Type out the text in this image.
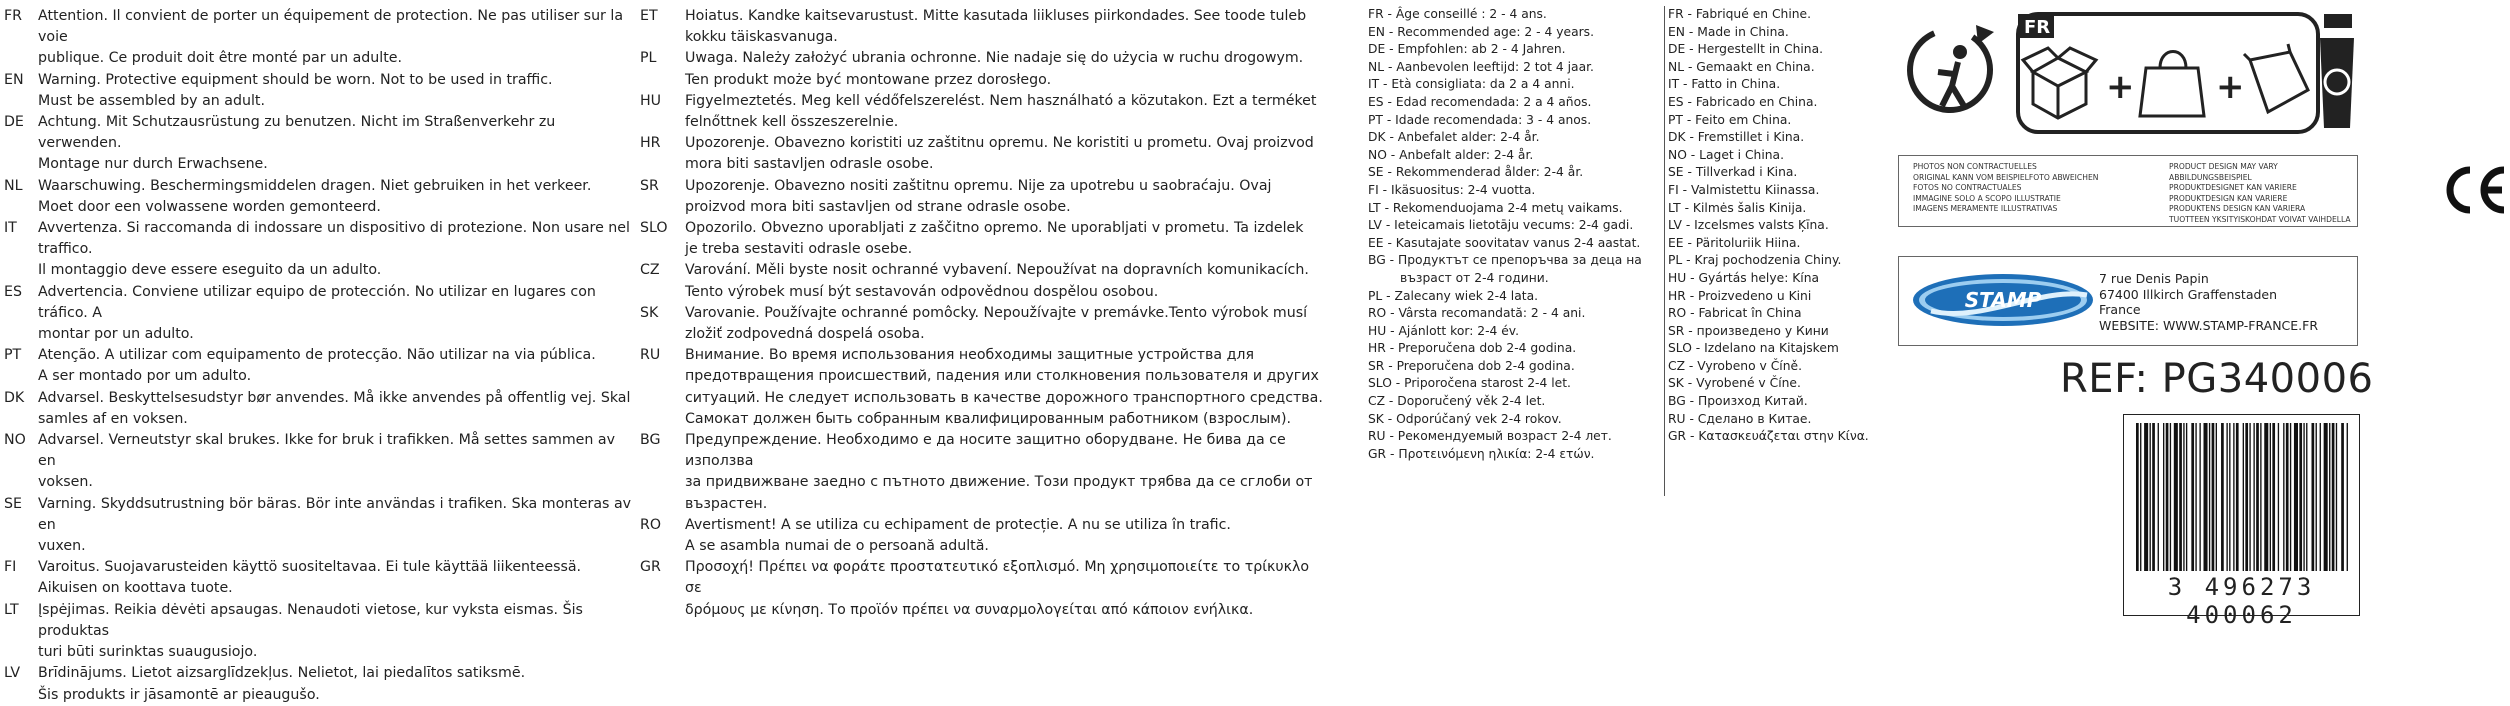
FR	Attention. Il convient de porter un équipement de protection. Ne pas utiliser sur la voie
publique. Ce produit doit être monté par un adulte.
EN	Warning. Protective equipment should be worn. Not to be used in traffic.
Must be assembled by an adult.
DE Achtung. Mit Schutzausrüstung zu benutzen. Nicht im Straßenverkehr zu verwenden.
Montage nur durch Erwachsene.
NL	Waarschuwing. Beschermingsmiddelen dragen. Niet gebruiken in het verkeer.
Moet door een volwassene worden gemonteerd.
IT	Avvertenza. Si raccomanda di indossare un dispositivo di protezione. Non usare nel traffico.
Il montaggio deve essere eseguito da un adulto.
ES	Advertencia. Conviene utilizar equipo de protección. No utilizar en lugares con tráfico. A
montar por un adulto.
PT	Atenção. A utilizar com equipamento de protecção. Não utilizar na via pública.
A ser montado por um adulto.
DK Advarsel. Beskyttelsesudstyr bør anvendes. Må ikke anvendes på offentlig vej. Skal
samles af en voksen.
NO Advarsel. Verneutstyr skal brukes. Ikke for bruk i trafikken. Må settes sammen av en
voksen.
SE	Varning. Skyddsutrustning bör bäras. Bör inte användas i trafiken. Ska monteras av en
vuxen.
FI	Varoitus. Suojavarusteiden käyttö suositeltavaa. Ei tule käyttää liikenteessä.
Aikuisen on koottava tuote.
LT	Įspėjimas. Reikia dėvėti apsaugas. Nenaudoti vietose, kur vyksta eismas. Šis produktas
turi būti surinktas suaugusiojo.
LV	Brīdinājums. Lietot aizsarglīdzekļus. Nelietot, lai piedalītos satiksmē.
Šis produkts ir jāsamontē ar pieaugušo.
ET	Hoiatus. Kandke kaitsevarustust. Mitte kasutada liikluses piirkondades. See toode tuleb
kokku täiskasvanuga.
PL	Uwaga. Należy założyć ubrania ochronne. Nie nadaje się do użycia w ruchu drogowym.
Ten produkt może być montowane przez dorosłego.
HU	Figyelmeztetés. Meg kell védőfelszerelést. Nem használható a közutakon. Ezt a terméket
felnőttnek kell összeszerelnie.
HR	Upozorenje. Obavezno koristiti uz zaštitnu opremu. Ne koristiti u prometu. Ovaj proizvod
mora biti sastavljen odrasle osobe.
SR	Upozorenje. Obavezno nositi zaštitnu opremu. Nije za upotrebu u saobraćaju. Ovaj
proizvod mora biti sastavljen od strane odrasle osobe.
SLO	Opozorilo. Obvezno uporabljati z zaščitno opremo. Ne uporabljati v prometu. Ta izdelek
je treba sestaviti odrasle osebe.
CZ	Varování. Měli byste nosit ochranné vybavení. Nepoužívat na dopravních komunikacích.
Tento výrobek musí být sestavován odpovědnou dospělou osobou.
SK	Varovanie. Používajte ochranné pomôcky. Nepoužívajte v premávke.Tento výrobok musí
zložiť zodpovedná dospelá osoba.
RU	Внимание. Во время использования необходимы защитные устройства для
предотвращения происшествий, падения или столкновения пользователя и других
ситуаций. Не следует использовать в качестве дорожного транспортного средства.
Самокат должен быть собранным квалифицированным работником (взрослым).
BG	Предупреждение. Необходимо е да носите защитно оборудване. Не бива да се използва
за придвижване заедно с пътното движение. Този продукт трябва да се сглоби от възрастен.
RO	Avertisment! A se utiliza cu echipament de protecție. A nu se utiliza în trafic.
A se asambla numai de o persoană adultă.
GR	Προσοχή! Πρέπει να φοράτε προστατευτικό εξοπλισμό. Μη χρησιμοποιείτε το τρίκυκλο σε
δρόμους με κίνηση. Το προϊόν πρέπει να συναρμολογείται από κάποιον ενήλικα.
FR - Âge conseillé : 2 - 4 ans.
EN - Recommended age: 2 - 4 years.
DE - Empfohlen: ab 2 - 4 Jahren.
NL - Aanbevolen leeftijd: 2 tot 4 jaar.
IT - Età consigliata: da 2 a 4 anni.
ES - Edad recomendada: 2 a 4 años.
PT - Idade recomendada: 3 - 4 anos.
DK - Anbefalet alder: 2-4 år.
NO - Anbefalt alder: 2-4 år.
SE - Rekommenderad ålder: 2-4 år.
FI - Ikäsuositus: 2-4 vuotta.
LT - Rekomenduojama 2-4 metų vaikams.
LV - Ieteicamais lietotāju vecums: 2-4 gadi.
EE - Kasutajate soovitatav vanus 2-4 aastat.
BG - Продуктът се препоръчва за деца на
възраст от 2-4 години.
PL - Zalecany wiek 2-4 lata.
RO - Vârsta recomandată: 2 - 4 ani.
HU - Ajánlott kor: 2-4 év.
HR - Preporučena dob 2-4 godina.
SR - Preporučena dob 2-4 godina.
SLO - Priporočena starost 2-4 let.
CZ - Doporučený věk 2-4 let.
SK - Odporúčaný vek 2-4 rokov.
RU - Рекомендуемый возраст 2-4 лет.
GR - Προτεινόμενη ηλικία: 2-4 ετών.
FR - Fabriqué en Chine.
EN - Made in China.
DE - Hergestellt in China.
NL - Gemaakt en China.
IT - Fatto in China.
ES - Fabricado en China.
PT - Feito em China.
DK - Fremstillet i Kina.
NO - Laget i China.
SE - Tillverkad i Kina.
FI - Valmistettu Kiinassa.
LT - Kilmės šalis Kinija.
LV - Izcelsmes valsts Ķīna.
EE - Päritoluriik Hiina.
PL - Kraj pochodzenia Chiny.
HU - Gyártás helye: Kína
HR - Proizvedeno u Kini
RO - Fabricat în China
SR - произведено у Кини
SLO - Izdelano na Kitajskem
CZ - Vyrobeno v Číně.
SK - Vyrobené v Číne.
BG - Произход Китай.
RU - Сделано в Китае.
GR - Κατασκευάζεται στην Κίνα.
FR
+ +
PHOTOS NON CONTRACTUELLES
ORIGINAL KANN VOM BEISPIELFOTO ABWEICHEN
FOTOS NO CONTRACTUALES
IMMAGINE SOLO A SCOPO ILLUSTRATIE
IMAGENS MERAMENTE ILLUSTRATIVAS
PRODUCT DESIGN MAY VARY
ABBILDUNGSBEISPIEL
PRODUKTDESIGNET KAN VARIERE
PRODUKTDESIGN KAN VARIERE
PRODUKTENS DESIGN KAN VARIERA
TUOTTEEN YKSITYISKOHDAT VOIVAT VAIHDELLA
STAMP
7 rue Denis Papin
67400 Illkirch Graffenstaden
France
WEBSITE: WWW.STAMP-FRANCE.FR
REF: PG340006
3 496273 400062
